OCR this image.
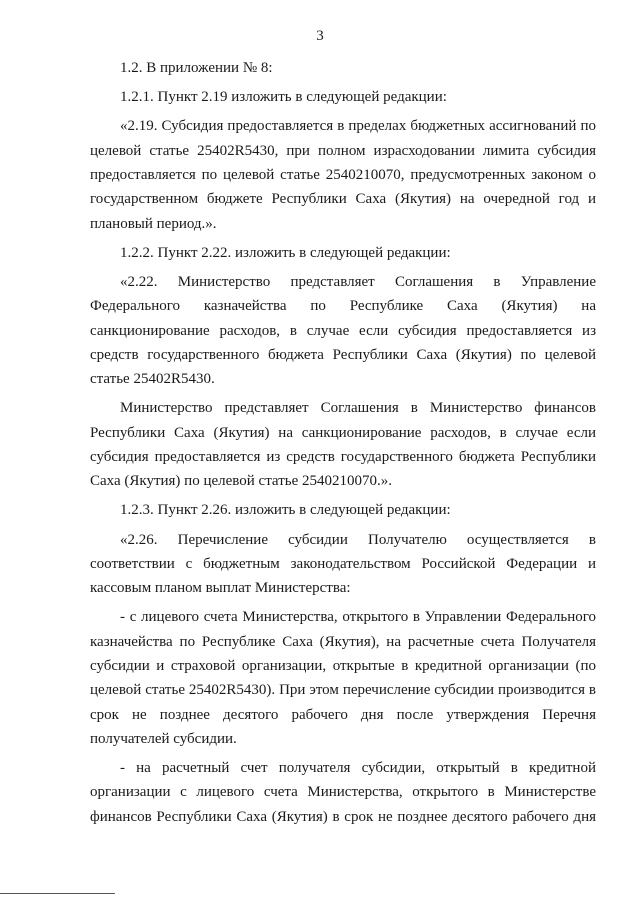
3

1.2. В приложении № 8:

1.2.1. Пункт 2.19 изложить в следующей редакции:

«2.19. Субсидия предоставляется в пределах бюджетных ассигнований по целевой статье 25402R5430, при полном израсходовании лимита субсидия предоставляется по целевой статье 2540210070, предусмотренных законом о государственном бюджете Республики Саха (Якутия) на очередной год и плановый период.».

1.2.2. Пункт 2.22. изложить в следующей редакции:

«2.22. Министерство представляет Соглашения в Управление Федерального казначейства по Республике Саха (Якутия) на санкционирование расходов, в случае если субсидия предоставляется из средств государственного бюджета Республики Саха (Якутия) по целевой статье 25402R5430.

Министерство представляет Соглашения в Министерство финансов Республики Саха (Якутия) на санкционирование расходов, в случае если субсидия предоставляется из средств государственного бюджета Республики Саха (Якутия) по целевой статье 2540210070.».

1.2.3. Пункт 2.26. изложить в следующей редакции:

«2.26. Перечисление субсидии Получателю осуществляется в соответствии с бюджетным законодательством Российской Федерации и кассовым планом выплат Министерства:

- с лицевого счета Министерства, открытого в Управлении Федерального казначейства по Республике Саха (Якутия), на расчетные счета Получателя субсидии и страховой организации, открытые в кредитной организации (по целевой статье 25402R5430). При этом перечисление субсидии производится в срок не позднее десятого рабочего дня после утверждения Перечня получателей субсидии.

- на расчетный счет получателя субсидии, открытый в кредитной организации с лицевого счета Министерства, открытого в Министерстве финансов Республики Саха (Якутия) в срок не позднее десятого рабочего дня
